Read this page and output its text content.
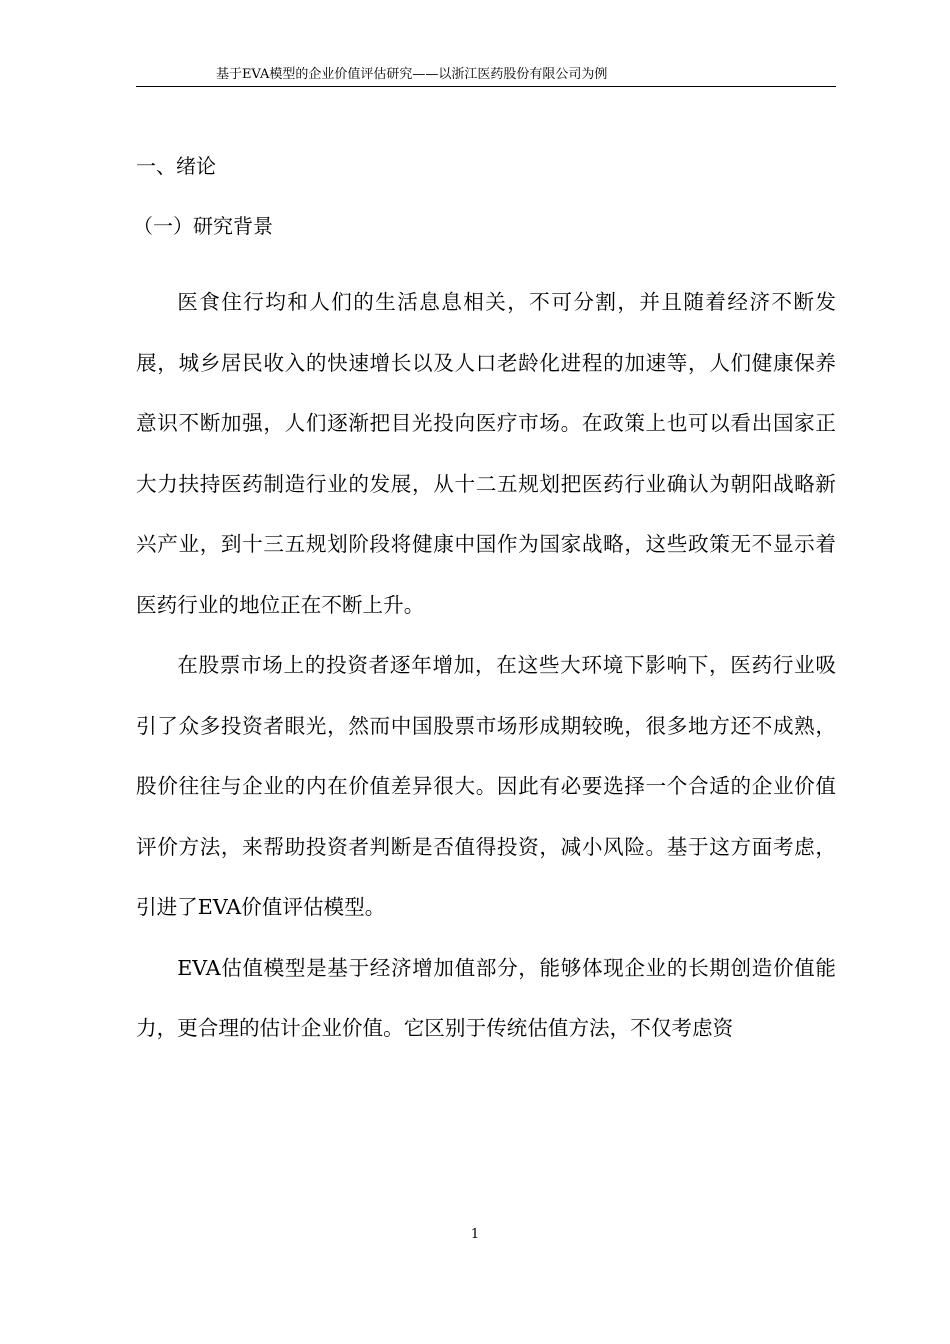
基于EVA模型的企业价值评估研究——以浙江医药股份有限公司为例
一、绪论
（一）研究背景

医食住行均和人们的生活息息相关，不可分割，并且随着经济不断发展，城乡居民收入的快速增长以及人口老龄化进程的加速等，人们健康保养意识不断加强，人们逐渐把目光投向医疗市场。在政策上也可以看出国家正大力扶持医药制造行业的发展，从十二五规划把医药行业确认为朝阳战略新兴产业，到十三五规划阶段将健康中国作为国家战略，这些政策无不显示着医药行业的地位正在不断上升。

在股票市场上的投资者逐年增加，在这些大环境下影响下，医药行业吸引了众多投资者眼光，然而中国股票市场形成期较晚，很多地方还不成熟，股价往往与企业的内在价值差异很大。因此有必要选择一个合适的企业价值评价方法，来帮助投资者判断是否值得投资，减小风险。基于这方面考虑，引进了EVA价值评估模型。

EVA估值模型是基于经济增加值部分，能够体现企业的长期创造价值能力，更合理的估计企业价值。它区别于传统估值方法，不仅考虑资

1
